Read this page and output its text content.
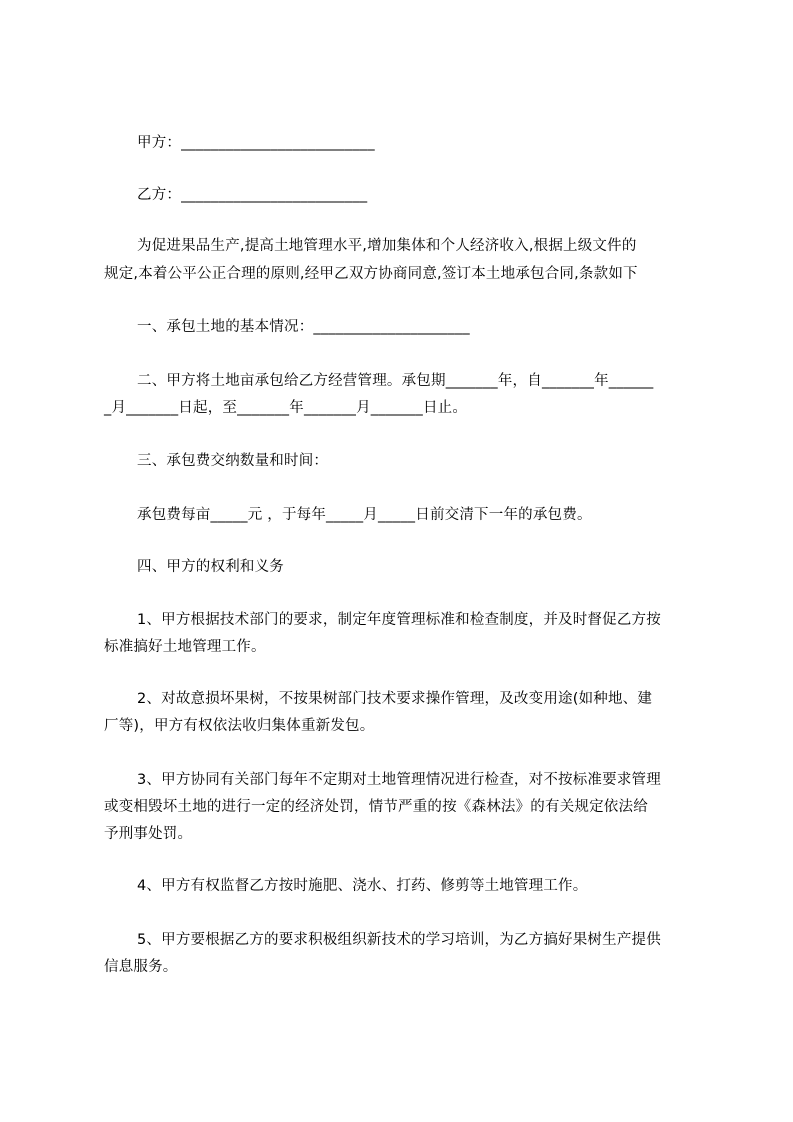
甲方：__________________________
乙方：_________________________
为促进果品生产,提高土地管理水平,增加集体和个人经济收入,根据上级文件的
规定,本着公平公正合理的原则,经甲乙双方协商同意,签订本土地承包合同,条款如下
一、承包土地的基本情况：_____________________
二、甲方将土地亩承包给乙方经营管理。承包期_______年，自_______年______
_月_______日起，至_______年_______月_______日止。
三、承包费交纳数量和时间：
承包费每亩_____元 ，于每年_____月_____日前交清下一年的承包费。
四、甲方的权利和义务
1、甲方根据技术部门的要求，制定年度管理标准和检查制度，并及时督促乙方按
标准搞好土地管理工作。
2、对故意损坏果树，不按果树部门技术要求操作管理，及改变用途(如种地、建
厂等)，甲方有权依法收归集体重新发包。
3、甲方协同有关部门每年不定期对土地管理情况进行检查，对不按标准要求管理
或变相毁坏土地的进行一定的经济处罚，情节严重的按《森林法》的有关规定依法给
予刑事处罚。
4、甲方有权监督乙方按时施肥、浇水、打药、修剪等土地管理工作。
5、甲方要根据乙方的要求积极组织新技术的学习培训，为乙方搞好果树生产提供
信息服务。
